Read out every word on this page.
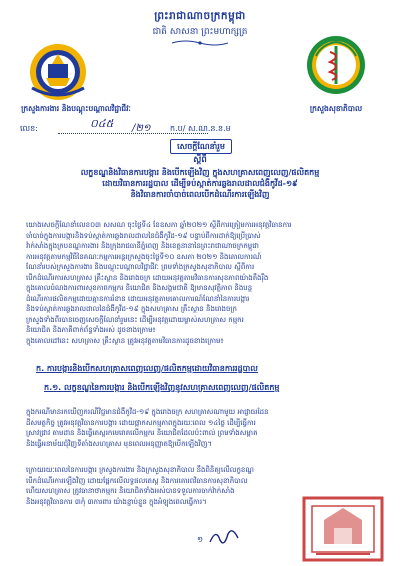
ព្រះរាជាណាចក្រកម្ពុជា
ជាតិ សាសនា ព្រះមហាក្សត្រ
ក្រសួងការងារ និងបណ្តុះបណ្តាលវិជ្ជាជីវៈ	ក្រសួងសុខាភិបាល
លេខ:	០៤៥ /២១ ក.ប/ ស.ណ.ន.ន.ម
សេចក្តីណែនាំរួម
ស្តីពី
លក្ខខណ្ឌនិងវិធានការបង្ការ និងបើកឡើងវិញ ក្នុងសហគ្រាសពេញលេញ/ផលិតកម្ម
ដោយវិធានការរដ្ឋបាល ដើម្បីទប់ស្កាត់ការឆ្លងរាលដាលជំងឺកូវីដ-១៩
និងវិធានការចាំបាច់ពេលបើកដំណើរការឡើងវិញ
យោងសេចក្តីណែនាំលេខ០៣ សសណ ចុះថ្ងៃទី៤ ខែឧសភា ឆ្នាំ២០២១ ស្តីពីការត្រៀមការអនុវត្តវិធានការ
ចាំបាច់ក្នុងការបង្ការនិងទប់ស្កាត់ការឆ្លងរាលដាលនៃជំងឺកូវីដ-១៩ បន្ទាប់ពីការដាក់ឱ្យប្រើប្រាស់
វ៉ាក់សាំងក្នុងក្របខណ្ឌការងារ និងក្រុងរាជធានីភ្នំពេញ និងខេត្តនានានៃព្រះរាជាណាចក្រកម្ពុជា
ការអនុវត្តតាមកម្មវិធីនៃគណៈកម្មការអន្តរក្រសួងចុះថ្ងៃទី១០ ឧសភា ២០២១ និងគោលការណ៍
ណែនាំរបស់ក្រសួងការងារ និងបណ្តុះបណ្តាលវិជ្ជាជីវៈ ព្រមទាំងក្រសួងសុខាភិបាល ស្តីពីការ
បើកដំណើរការសហគ្រាស គ្រឹះស្ថាន និងរោងចក្រ ដោយអនុវត្តតាមវិធានការសុខភាពយ៉ាងតឹងរ៉ឹង
ក្នុងគោលបំណងការពារសុខភាពកម្មករ និយោជិត និងសង្គមជាតិ ឱ្យមានសុវត្ថិភាព និងបន្ត
ដំណើរការផលិតកម្មដោយគ្មានការរំខាន ដោយអនុវត្តតាមគោលការណ៍ណែនាំនៃការបង្ការ
និងទប់ស្កាត់ការឆ្លងរាលដាលនៃជំងឺកូវីដ-១៩ ក្នុងសហគ្រាស គ្រឹះស្ថាន និងរោងចក្រ
ក្រសួងទាំងពីរបានចេញសេចក្តីណែនាំរួមនេះ ដើម្បីអនុវត្តដោយម្ចាស់សហគ្រាស កម្មករ
និយោជិត និងភាគីពាក់ព័ន្ធទាំងអស់ ដូចខាងក្រោម៖
ក្នុងគោលដៅនេះ សហគ្រាស គ្រឹះស្ថាន ត្រូវអនុវត្តតាមវិធានការដូចខាងក្រោម៖
ក. ការបង្ការនិងបើកសហគ្រាសពេញលេញ/ផលិតកម្មដោយវិធានការរដ្ឋបាល
ក.១. លក្ខខណ្ឌនៃការបង្ការ និងបើកឡើងវិញនូវសហគ្រាសពេញលេញ/ផលិតកម្ម
ក្នុងករណីមានរកឃើញករណីវិជ្ជមានជំងឺកូវីដ-១៩ ក្នុងរោងចក្រ សហគ្រាសណាមួយ អាជ្ញាធរដែន
ដីសមត្ថកិច្ច ត្រូវអនុវត្តវិធានការបង្ការ ដោយផ្អាកសកម្មភាពក្នុងរយៈពេល ១៤ថ្ងៃ ដើម្បីធ្វើការ
ស្រាវជ្រាវ តាមដាន និងធ្វើតេស្តរកមេរោគលើកម្មករ និយោជិតដែលប៉ះពាល់ ព្រមទាំងសម្អាត
និងធ្វើអនាម័យជុំវិញទីតាំងសហគ្រាស មុនពេលអនុញ្ញាតឱ្យបើកឡើងវិញ។
ក្រោយរយៈពេលនៃការបង្ការ ក្រសួងការងារ និងក្រសួងសុខាភិបាល នឹងពិនិត្យលើលក្ខខណ្ឌ
បើកដំណើរការឡើងវិញ ដោយផ្អែកលើលទ្ធផលតេស្ត និងការគោរពវិធានការសុខាភិបាល
ហើយសហគ្រាស ត្រូវធានាថាកម្មករ និយោជិតទាំងអស់បានទទួលការចាក់វ៉ាក់សាំង
និងអនុវត្តវិធានការ ៣កុំ ៣ការពារ យ៉ាងខ្ជាប់ខ្ជួន ក្នុងអំឡុងពេលធ្វើការ។
១
